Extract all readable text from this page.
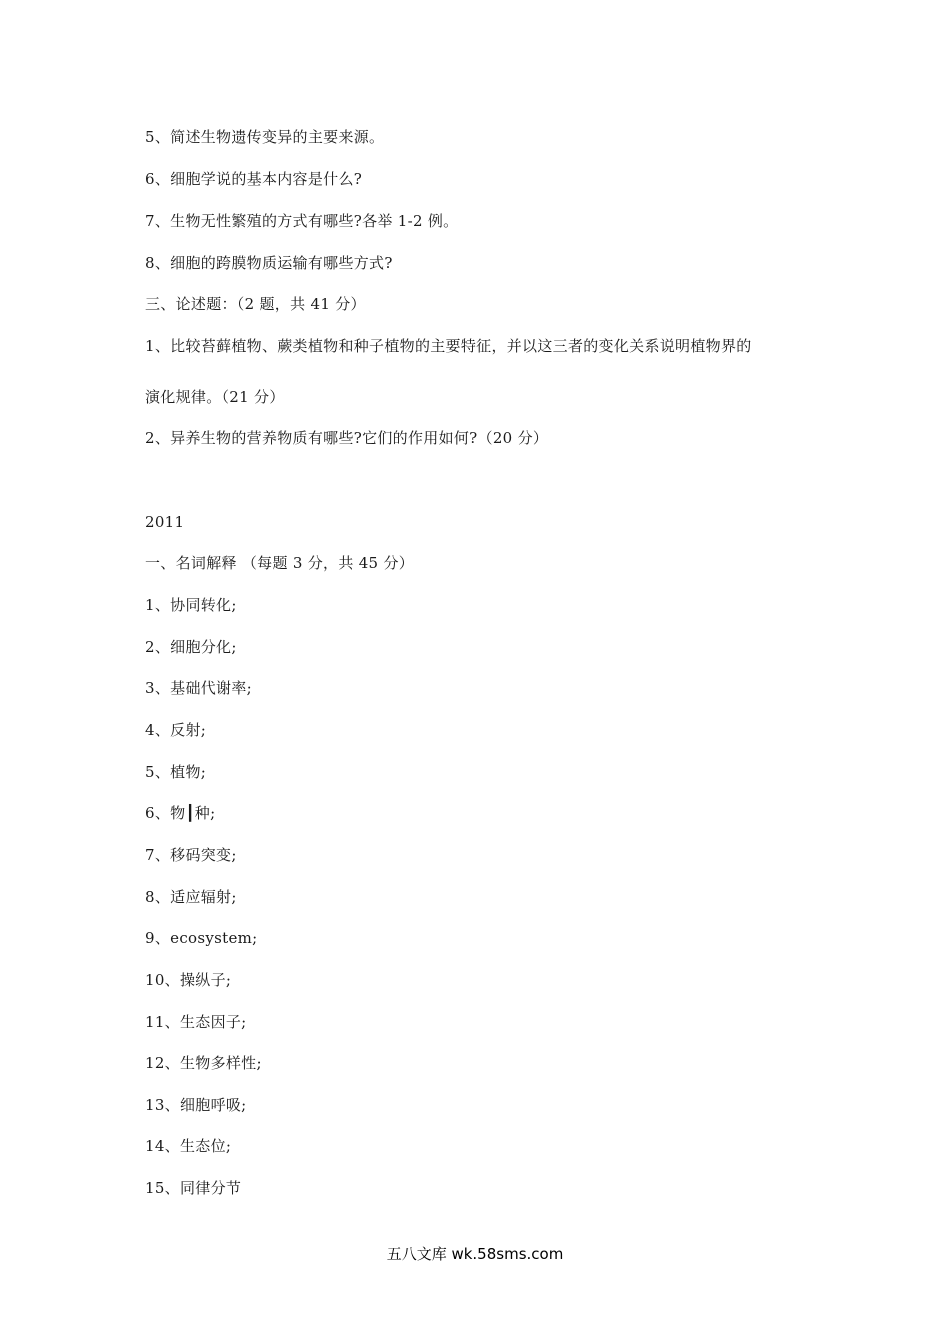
5、简述生物遗传变异的主要来源。
6、细胞学说的基本内容是什么?
7、生物无性繁殖的方式有哪些?各举 1-2 例。
8、细胞的跨膜物质运输有哪些方式?
三、论述题：（2 题，共 41 分）
1、比较苔藓植物、蕨类植物和种子植物的主要特征，并以这三者的变化关系说明植物界的
演化规律。（21 分）
2、异养生物的营养物质有哪些?它们的作用如何?（20 分）
2011
一、名词解释 （每题 3 分，共 45 分）
1、协同转化;
2、细胞分化;
3、基础代谢率;
4、反射;
5、植物;
6、物┃种;
7、移码突变;
8、适应辐射;
9、ecosystem;
10、操纵子;
11、生态因子;
12、生物多样性;
13、细胞呼吸;
14、生态位;
15、同律分节
五八文库 wk.58sms.com
